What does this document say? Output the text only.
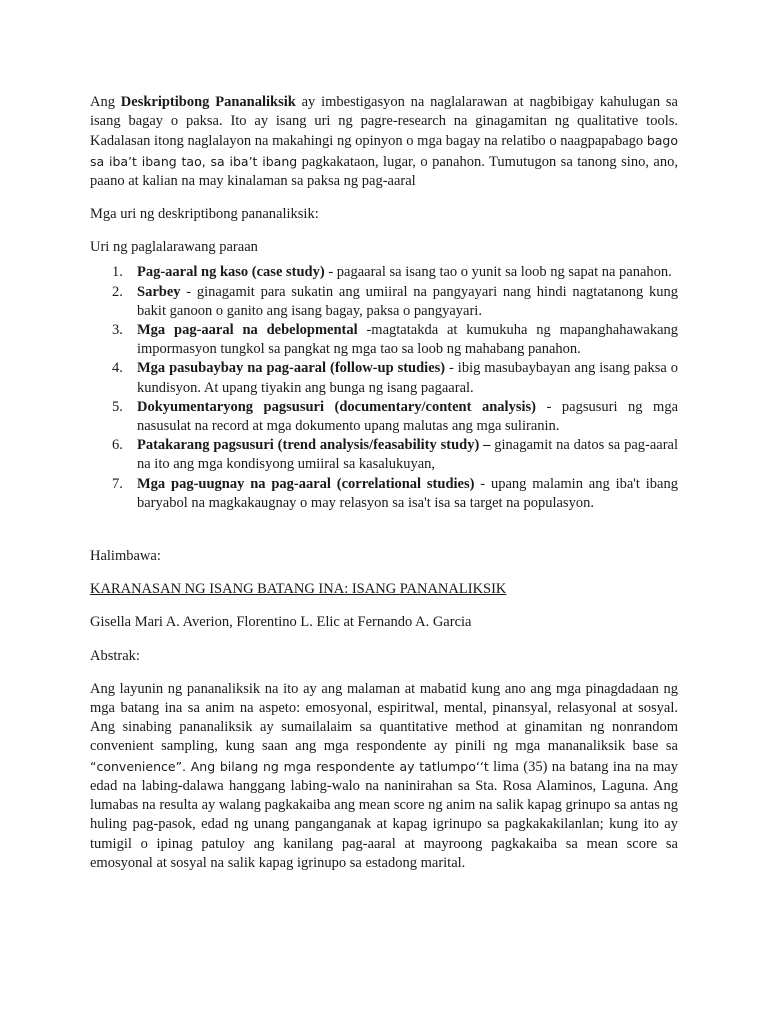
Ang Deskriptibong Pananaliksik ay imbestigasyon na naglalarawan at nagbibigay kahulugan sa isang bagay o paksa. Ito ay isang uri ng pagre-research na ginagamitan ng qualitative tools. Kadalasan itong naglalayon na makahingi ng opinyon o mga bagay na relatibo o naagpapabago bago sa iba’t ibang tao, sa iba’t ibang pagkakataon, lugar, o panahon. Tumutugon sa tanong sino, ano, paano at kalian na may kinalaman sa paksa ng pag-aaral

Mga uri ng deskriptibong pananaliksik:

Uri ng paglalarawang paraan

1. Pag-aaral ng kaso (case study) - pagaaral sa isang tao o yunit sa loob ng sapat na panahon.
2. Sarbey - ginagamit para sukatin ang umiiral na pangyayari nang hindi nagtatanong kung bakit ganoon o ganito ang isang bagay, paksa o pangyayari.
3. Mga pag-aaral na debelopmental -magtatakda at kumukuha ng mapanghahawakang impormasyon tungkol sa pangkat ng mga tao sa loob ng mahabang panahon.
4. Mga pasubaybay na pag-aaral (follow-up studies) - ibig masubaybayan ang isang paksa o kundisyon. At upang tiyakin ang bunga ng isang pagaaral.
5. Dokyumentaryong pagsusuri (documentary/content analysis) - pagsusuri ng mga nasusulat na record at mga dokumento upang malutas ang mga suliranin.
6. Patakarang pagsusuri (trend analysis/feasability study) – ginagamit na datos sa pag-aaral na ito ang mga kondisyong umiiral sa kasalukuyan,
7. Mga pag-uugnay na pag-aaral (correlational studies) - upang malamin ang iba't ibang baryabol na magkakaugnay o may relasyon sa isa't isa sa target na populasyon.

Halimbawa:

KARANASAN NG ISANG BATANG INA: ISANG PANANALIKSIK

Gisella Mari A. Averion, Florentino L. Elic at Fernando A. Garcia

Abstrak:

Ang layunin ng pananaliksik na ito ay ang malaman at mabatid kung ano ang mga pinagdadaan ng mga batang ina sa anim na aspeto: emosyonal, espiritwal, mental, pinansyal, relasyonal at sosyal. Ang sinabing pananaliksik ay sumailalaim sa quantitative method at ginamitan ng nonrandom convenient sampling, kung saan ang mga respondente ay pinili ng mga mananaliksik base sa “convenience”. Ang bilang ng mga respondente ay tatlumpo‘‘t lima (35) na batang ina na may edad na labing-dalawa hanggang labing-walo na naninirahan sa Sta. Rosa Alaminos, Laguna. Ang lumabas na resulta ay walang pagkakaiba ang mean score ng anim na salik kapag grinupo sa antas ng huling pag-pasok, edad ng unang panganganak at kapag igrinupo sa pagkakakilanlan; kung ito ay tumigil o ipinag patuloy ang kanilang pag-aaral at mayroong pagkakaiba sa mean score sa emosyonal at sosyal na salik kapag igrinupo sa estadong marital.
